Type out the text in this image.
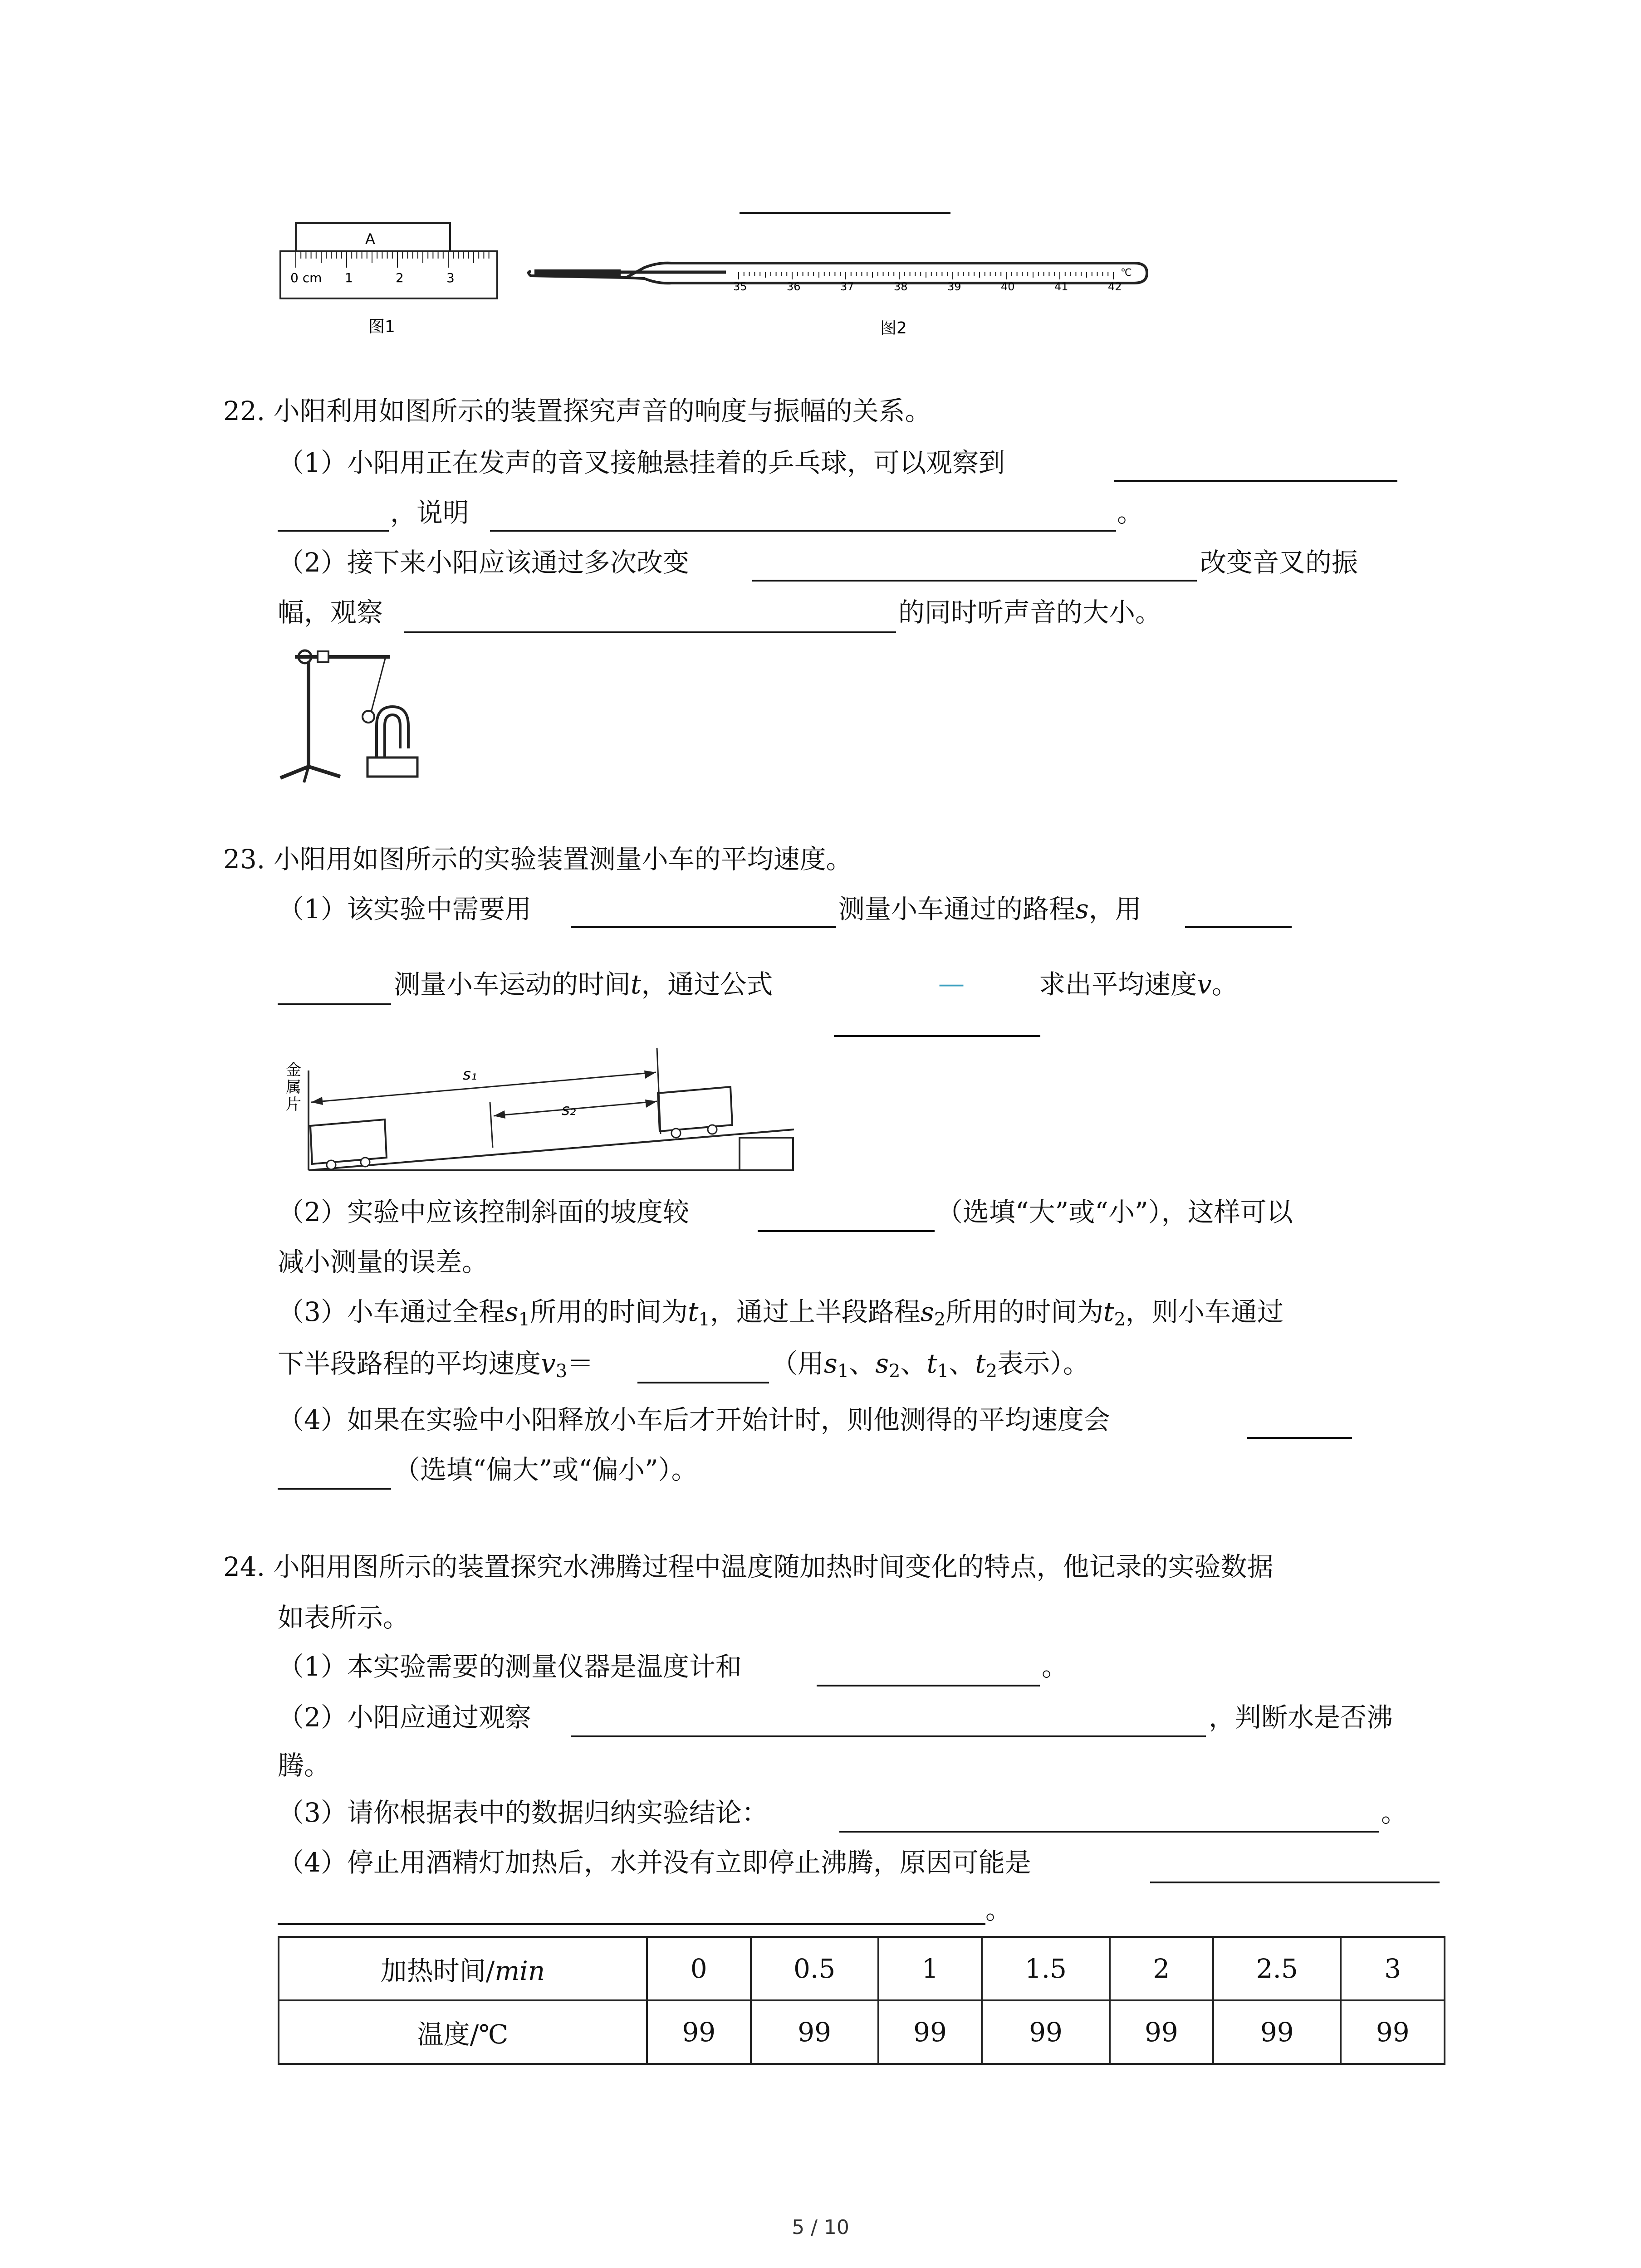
A
0 cm 1	2	3
图1
35	36	37	38	39	40	41	42
℃
图2
22. 小阳利用如图所示的装置探究声音的响度与振幅的关系。
（1）小阳用正在发声的音叉接触悬挂着的乒乓球，可以观察到
，说明	。
（2）接下来小阳应该通过多次改变	改变音叉的振
幅，观察	的同时听声音的大小。
23. 小阳用如图所示的实验装置测量小车的平均速度。
（1）该实验中需要用	测量小车通过的路程s，用
测量小车运动的时间t，通过公式	—	求出平均速度v。
金
属
片
s₁
s₂
（2）实验中应该控制斜面的坡度较	（选填“大”或“小”），这样可以
减小测量的误差。
（3）小车通过全程$s_1$所用的时间为$t_1$，通过上半段路程$s_2$所用的时间为$t_2$，则小车通过
下半段路程的平均速度$v_3=$	（用$s_1$、$s_2$、$t_1$、$t_2$表示）。
（4）如果在实验中小阳释放小车后才开始计时，则他测得的平均速度会
（选填“偏大”或“偏小”）。
24. 小阳用图所示的装置探究水沸腾过程中温度随加热时间变化的特点，他记录的实验数据
如表所示。
（1）本实验需要的测量仪器是温度计和	。
（2）小阳应通过观察	，判断水是否沸
腾。
（3）请你根据表中的数据归纳实验结论：	。
（4）停止用酒精灯加热后，水并没有立即停止沸腾，原因可能是
。
加热时间/min	0	0.5	1	1.5	2	2.5	3
温度/℃	99	99	99	99	99	99	99
5 / 10
